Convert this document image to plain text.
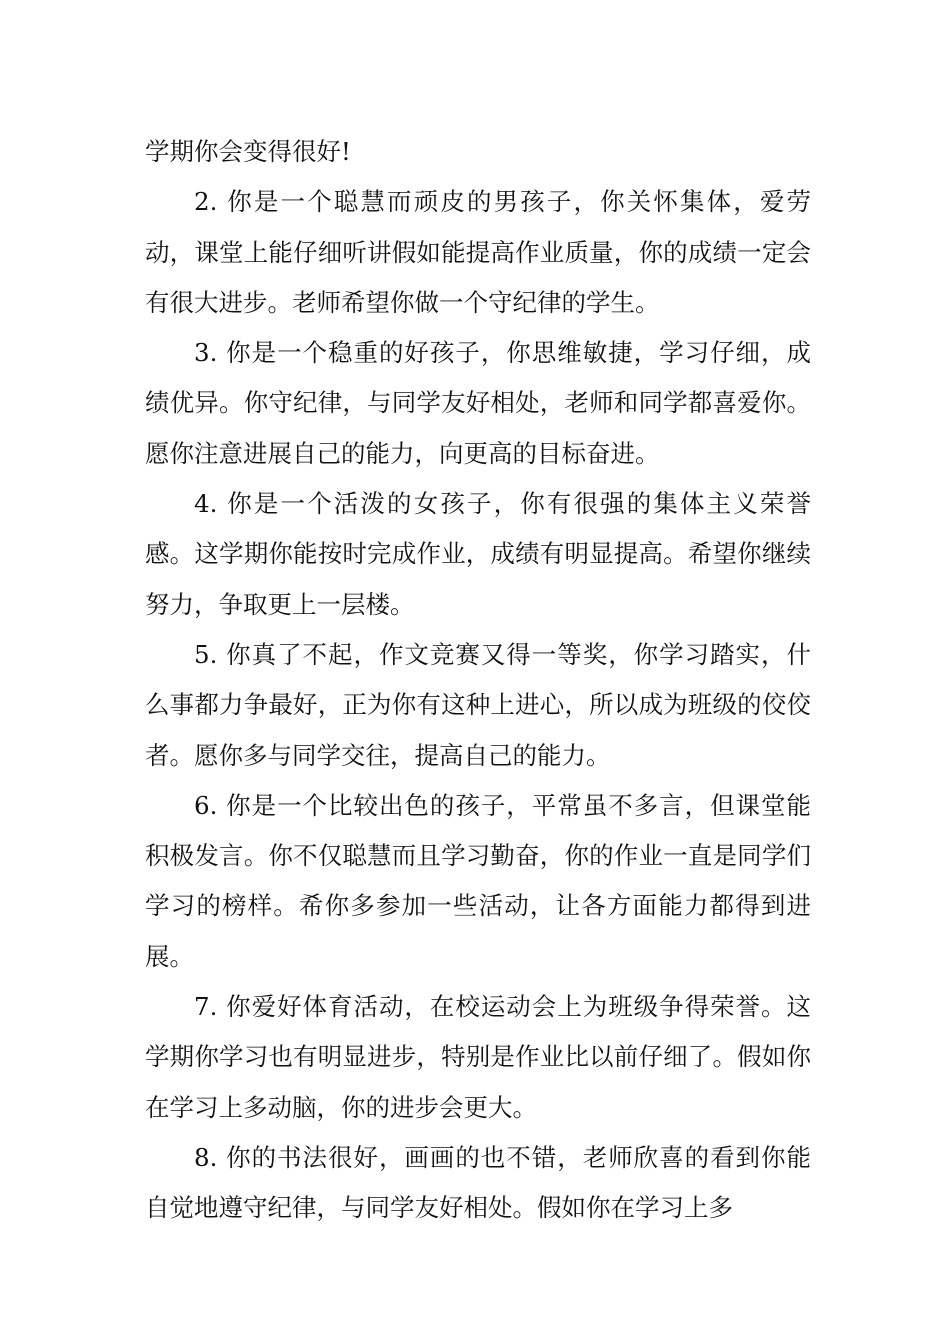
学期你会变得很好!

2. 你是一个聪慧而顽皮的男孩子，你关怀集体，爱劳动，课堂上能仔细听讲假如能提高作业质量，你的成绩一定会有很大进步。老师希望你做一个守纪律的学生。

3. 你是一个稳重的好孩子，你思维敏捷，学习仔细，成绩优异。你守纪律，与同学友好相处，老师和同学都喜爱你。愿你注意进展自己的能力，向更高的目标奋进。

4. 你是一个活泼的女孩子，你有很强的集体主义荣誉感。这学期你能按时完成作业，成绩有明显提高。希望你继续努力，争取更上一层楼。

5. 你真了不起，作文竞赛又得一等奖，你学习踏实，什么事都力争最好，正为你有这种上进心，所以成为班级的佼佼者。愿你多与同学交往，提高自己的能力。

6. 你是一个比较出色的孩子，平常虽不多言，但课堂能积极发言。你不仅聪慧而且学习勤奋，你的作业一直是同学们学习的榜样。希你多参加一些活动，让各方面能力都得到进展。

7. 你爱好体育活动，在校运动会上为班级争得荣誉。这学期你学习也有明显进步，特别是作业比以前仔细了。假如你在学习上多动脑，你的进步会更大。

8. 你的书法很好，画画的也不错，老师欣喜的看到你能自觉地遵守纪律，与同学友好相处。假如你在学习上多
